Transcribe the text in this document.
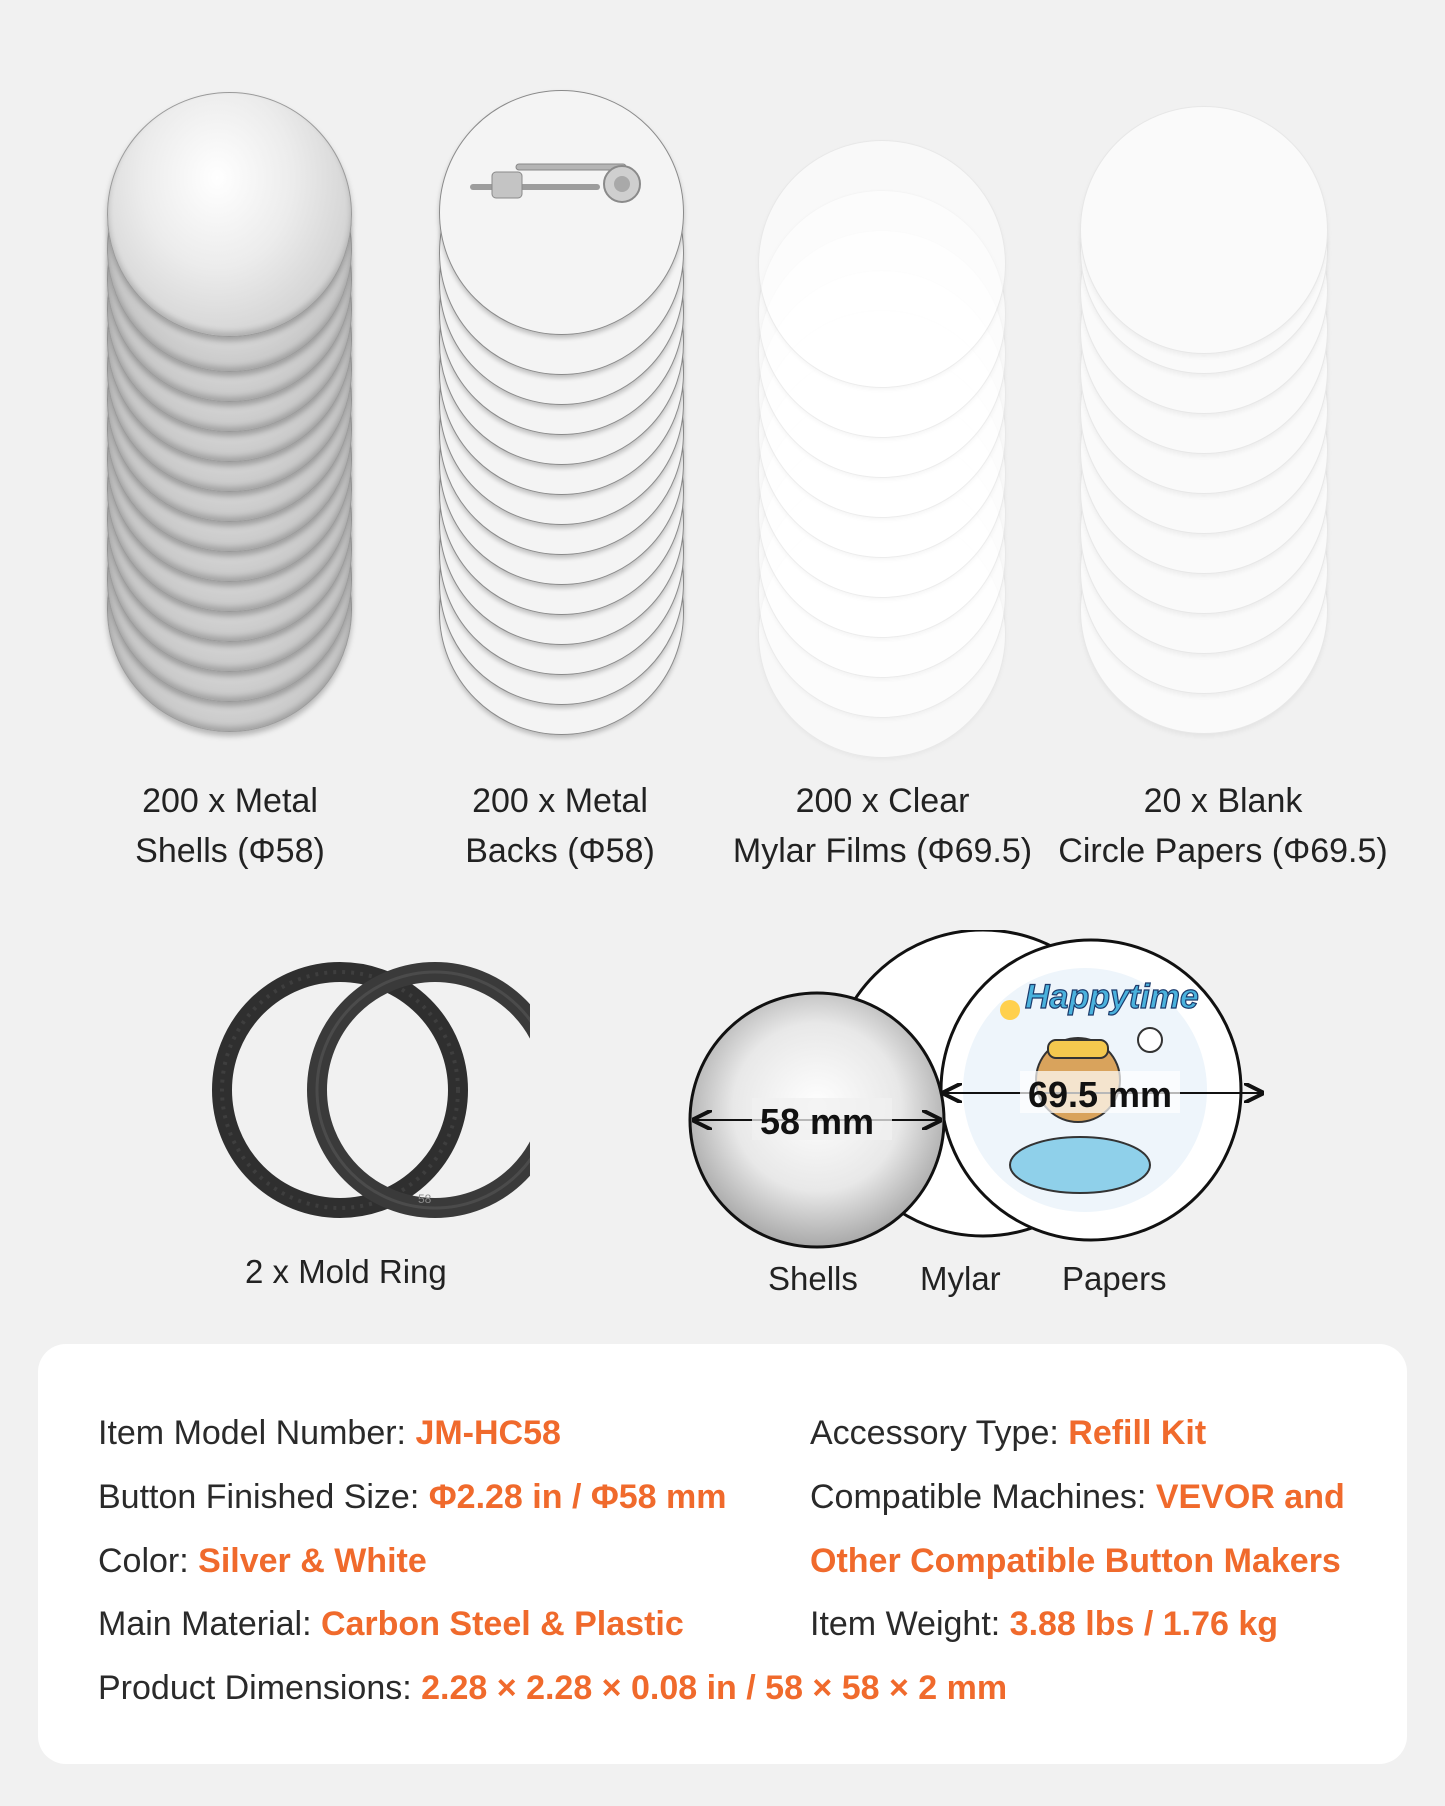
200 x Metal
Shells (Φ58)
200 x Metal
Backs (Φ58)
200 x Clear
Mylar Films (Φ69.5)
20 x Blank
Circle Papers (Φ69.5)
58
2 x Mold Ring
Happytime
58 mm
69.5 mm
Shells Mylar Papers
Item Model Number: JM-HC58
Button Finished Size: Φ2.28 in / Φ58 mm
Color: Silver & White
Main Material: Carbon Steel & Plastic
Product Dimensions: 2.28 × 2.28 × 0.08 in / 58 × 58 × 2 mm
Accessory Type: Refill Kit
Compatible Machines: VEVOR and
Other Compatible Button Makers
Item Weight: 3.88 lbs / 1.76 kg
